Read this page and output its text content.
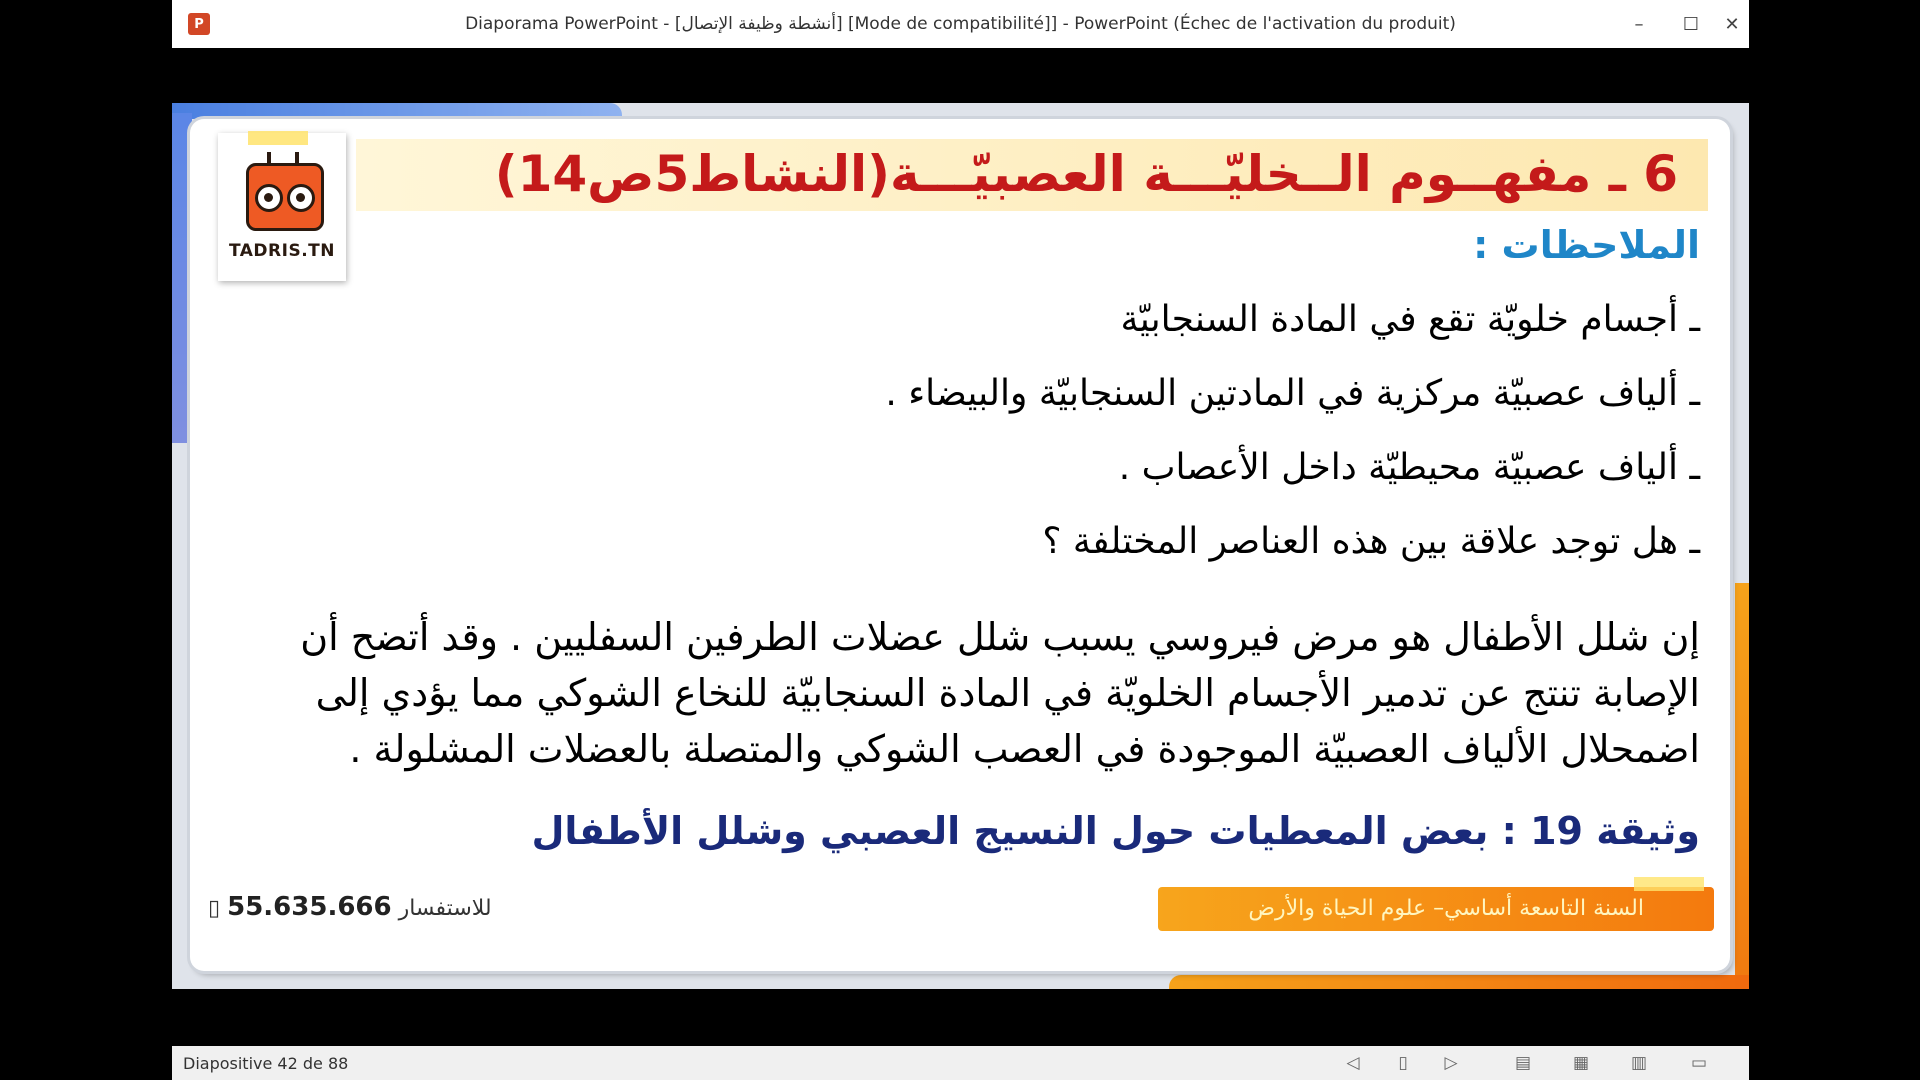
P	Diaporama PowerPoint - [أنشطة وظيفة الإتصال] [Mode de compatibilité]] - PowerPoint (Échec de l'activation du produit)	–	☐	✕
TADRIS.TN
6 ـ مفهــوم الــخليّـــة العصبيّـــة(النشاط5ص14)
الملاحظات :
ـ أجسام خلويّة تقع في المادة السنجابيّة
ـ ألياف عصبيّة مركزية في المادتين السنجابيّة والبيضاء .
ـ ألياف عصبيّة محيطيّة داخل الأعصاب .
ـ هل توجد علاقة بين هذه العناصر المختلفة ؟
إن شلل الأطفال هو مرض فيروسي يسبب شلل عضلات الطرفين السفليين . وقد أتضح أن الإصابة تنتج عن تدمير الأجسام الخلويّة في المادة السنجابيّة للنخاع الشوكي مما يؤدي إلى اضمحلال الألياف العصبيّة الموجودة في العصب الشوكي والمتصلة بالعضلات المشلولة .
وثيقة 19 : بعض المعطيات حول النسيج العصبي وشلل الأطفال
▯ 55.635.666 للاستفسار	السنة التاسعة أساسي– علوم الحياة والأرض
Diapositive 42 de 88	◁	▯	▷	▤ ▦ ▥	▭
